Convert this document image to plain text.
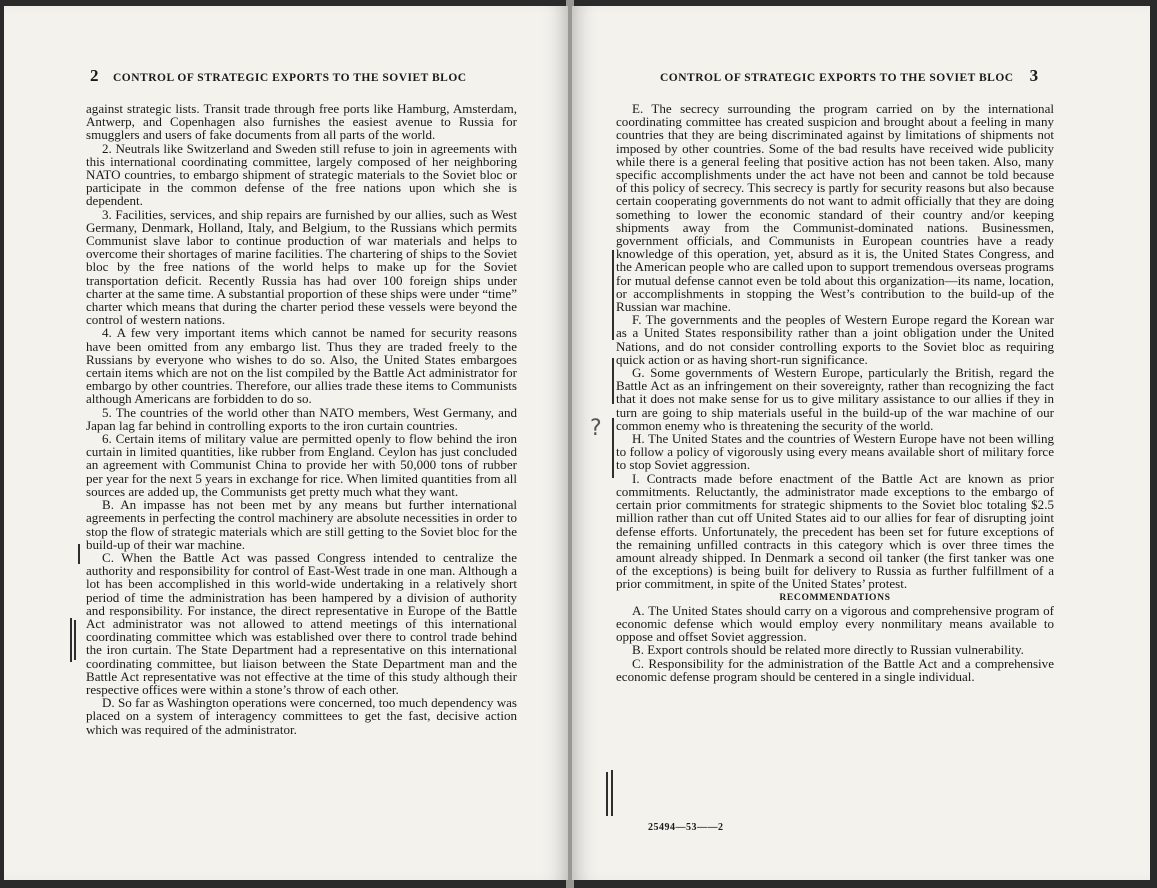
2 CONTROL OF STRATEGIC EXPORTS TO THE SOVIET BLOC

against strategic lists. Transit trade through free ports like Hamburg, Amsterdam, Antwerp, and Copenhagen also furnishes the easiest avenue to Russia for smugglers and users of fake documents from all parts of the world.

2. Neutrals like Switzerland and Sweden still refuse to join in agreements with this international coordinating committee, largely composed of her neighboring NATO countries, to embargo shipment of strategic materials to the Soviet bloc or participate in the common defense of the free nations upon which she is dependent.

3. Facilities, services, and ship repairs are furnished by our allies, such as West Germany, Denmark, Holland, Italy, and Belgium, to the Russians which permits Communist slave labor to continue production of war materials and helps to overcome their shortages of marine facilities. The chartering of ships to the Soviet bloc by the free nations of the world helps to make up for the Soviet transportation deficit. Recently Russia has had over 100 foreign ships under charter at the same time. A substantial proportion of these ships were under “time” charter which means that during the charter period these vessels were beyond the control of western nations.

4. A few very important items which cannot be named for security reasons have been omitted from any embargo list. Thus they are traded freely to the Russians by everyone who wishes to do so. Also, the United States embargoes certain items which are not on the list compiled by the Battle Act administrator for embargo by other countries. Therefore, our allies trade these items to Communists although Americans are forbidden to do so.

5. The countries of the world other than NATO members, West Germany, and Japan lag far behind in controlling exports to the iron curtain countries.

6. Certain items of military value are permitted openly to flow behind the iron curtain in limited quantities, like rubber from England. Ceylon has just concluded an agreement with Communist China to provide her with 50,000 tons of rubber per year for the next 5 years in exchange for rice. When limited quantities from all sources are added up, the Communists get pretty much what they want.

B. An impasse has not been met by any means but further international agreements in perfecting the control machinery are absolute necessities in order to stop the flow of strategic materials which are still getting to the Soviet bloc for the build-up of their war machine.

C. When the Battle Act was passed Congress intended to centralize the authority and responsibility for control of East-West trade in one man. Although a lot has been accomplished in this world-wide undertaking in a relatively short period of time the administration has been hampered by a division of authority and responsibility. For instance, the direct representative in Europe of the Battle Act administrator was not allowed to attend meetings of this international coordinating committee which was established over there to control trade behind the iron curtain. The State Department had a representative on this international coordinating committee, but liaison between the State Department man and the Battle Act representative was not effective at the time of this study although their respective offices were within a stone’s throw of each other.

D. So far as Washington operations were concerned, too much dependency was placed on a system of interagency committees to get the fast, decisive action which was required of the administrator.

CONTROL OF STRATEGIC EXPORTS TO THE SOVIET BLOC 3

E. The secrecy surrounding the program carried on by the international coordinating committee has created suspicion and brought about a feeling in many countries that they are being discriminated against by limitations of shipments not imposed by other countries. Some of the bad results have received wide publicity while there is a general feeling that positive action has not been taken. Also, many specific accomplishments under the act have not been and cannot be told because of this policy of secrecy. This secrecy is partly for security reasons but also because certain cooperating governments do not want to admit officially that they are doing something to lower the economic standard of their country and/or keeping shipments away from the Communist-dominated nations. Businessmen, government officials, and Communists in European countries have a ready knowledge of this operation, yet, absurd as it is, the United States Congress, and the American people who are called upon to support tremendous overseas programs for mutual defense cannot even be told about this organization—its name, location, or accomplishments in stopping the West’s contribution to the build-up of the Russian war machine.

F. The governments and the peoples of Western Europe regard the Korean war as a United States responsibility rather than a joint obligation under the United Nations, and do not consider controlling exports to the Soviet bloc as requiring quick action or as having short-run significance.

G. Some governments of Western Europe, particularly the British, regard the Battle Act as an infringement on their sovereignty, rather than recognizing the fact that it does not make sense for us to give military assistance to our allies if they in turn are going to ship materials useful in the build-up of the war machine of our common enemy who is threatening the security of the world.

H. The United States and the countries of Western Europe have not been willing to follow a policy of vigorously using every means available short of military force to stop Soviet aggression.

I. Contracts made before enactment of the Battle Act are known as prior commitments. Reluctantly, the administrator made exceptions to the embargo of certain prior commitments for strategic shipments to the Soviet bloc totaling $2.5 million rather than cut off United States aid to our allies for fear of disrupting joint defense efforts. Unfortunately, the precedent has been set for future exceptions of the remaining unfilled contracts in this category which is over three times the amount already shipped. In Denmark a second oil tanker (the first tanker was one of the exceptions) is being built for delivery to Russia as further fulfillment of a prior commitment, in spite of the United States’ protest.

RECOMMENDATIONS

A. The United States should carry on a vigorous and comprehensive program of economic defense which would employ every nonmilitary means available to oppose and offset Soviet aggression.

B. Export controls should be related more directly to Russian vulnerability.

C. Responsibility for the administration of the Battle Act and a comprehensive economic defense program should be centered in a single individual.

25494—53——2
?
